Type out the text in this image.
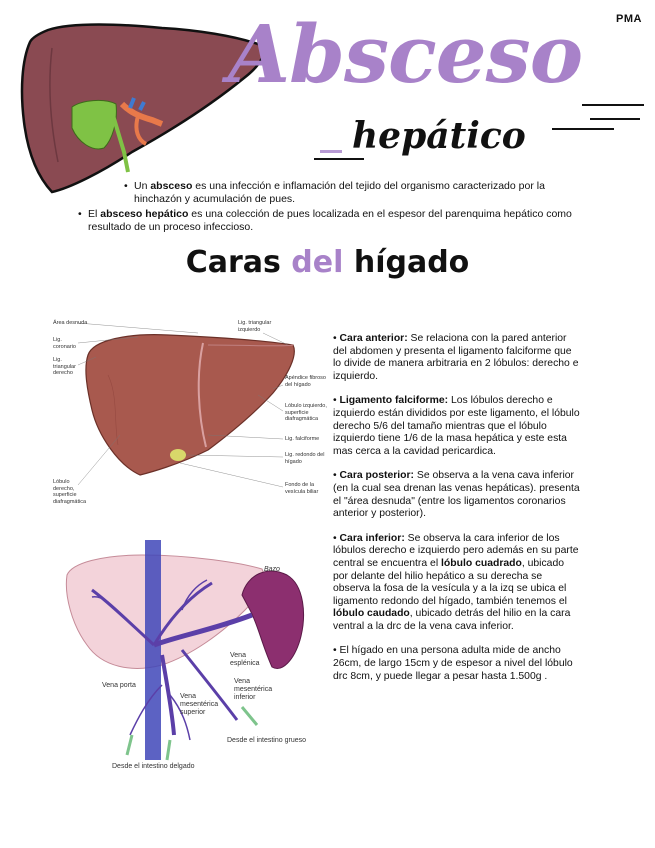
PMA
Absceso
hepático

• Un absceso es una infección e inflamación del tejido del organismo caracterizado por la hinchazón y acumulación de pues.

• El absceso hepático es una colección de pues localizada en el espesor del parenquima hepático como resultado de un proceso infeccioso.

Caras del hígado
Área desnuda
Lig. coronario
Lig. triangular derecho
Lig. triangular izquierdo
Apéndice fibroso del hígado
Lóbulo izquierdo, superficie diafragmática
Lig. falciforme
Lig. redondo del hígado
Fondo de la vesícula biliar
Lóbulo derecho, superficie diafragmática
Bazo
Vena esplénica
Vena porta
Vena mesentérica inferior
Vena mesentérica superior
Desde el intestino grueso
Desde el intestino delgado

• Cara anterior: Se relaciona con la pared anterior del abdomen y presenta el ligamento falciforme que lo divide de manera arbitraria en 2 lóbulos: derecho e izquierdo.

• Ligamento falciforme: Los lóbulos derecho e izquierdo están divididos por este ligamento, el lóbulo derecho 5/6 del tamaño mientras que el lóbulo izquierdo tiene 1/6 de la masa hepática y este esta mas cerca a la cavidad pericardica.

• Cara posterior: Se observa a la vena cava inferior (en la cual sea drenan las venas hepáticas). presenta el "área desnuda" (entre los ligamentos coronarios anterior y posterior).

• Cara inferior: Se observa la cara inferior de los lóbulos derecho e izquierdo pero además en su parte central se encuentra el lóbulo cuadrado, ubicado por delante del hilio hepático a su derecha se observa la fosa de la vesícula y a la izq se ubica el ligamento redondo del hígado, también tenemos el lóbulo caudado, ubicado detrás del hilio en la cara ventral a la drc de la vena cava inferior.

• El hígado en una persona adulta mide de ancho 26cm, de largo 15cm y de espesor a nivel del lóbulo drc 8cm, y puede llegar a pesar hasta 1.500g .
